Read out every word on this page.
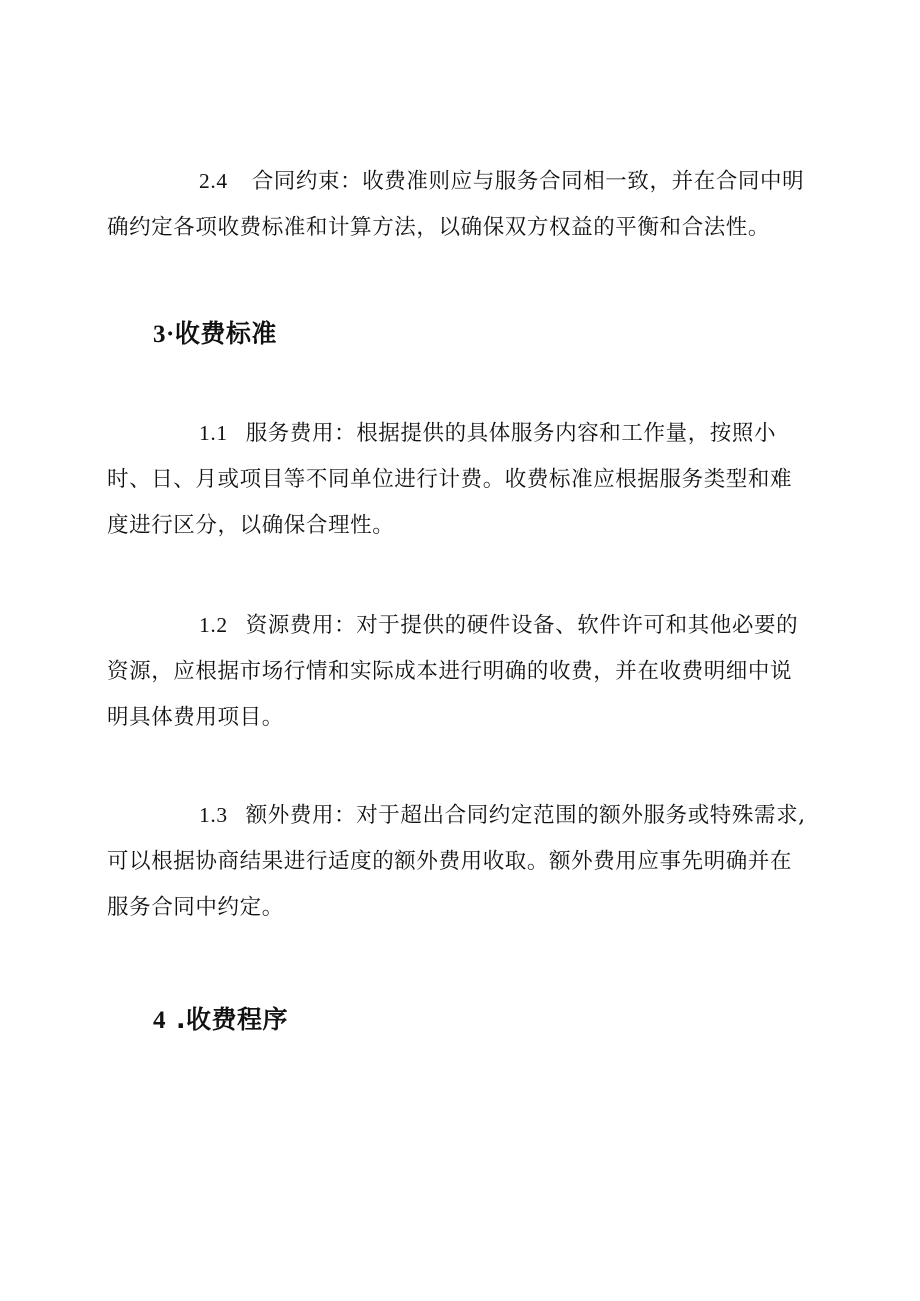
2.4 合同约束：收费准则应与服务合同相一致，并在合同中明确约定各项收费标准和计算方法，以确保双方权益的平衡和合法性。

3·收费标准

1.1 服务费用：根据提供的具体服务内容和工作量，按照小时、日、月或项目等不同单位进行计费。收费标准应根据服务类型和难度进行区分，以确保合理性。

1.2 资源费用：对于提供的硬件设备、软件许可和其他必要的资源，应根据市场行情和实际成本进行明确的收费，并在收费明细中说明具体费用项目。

1.3 额外费用：对于超出合同约定范围的额外服务或特殊需求,可以根据协商结果进行适度的额外费用收取。额外费用应事先明确并在服务合同中约定。

4 .收费程序
